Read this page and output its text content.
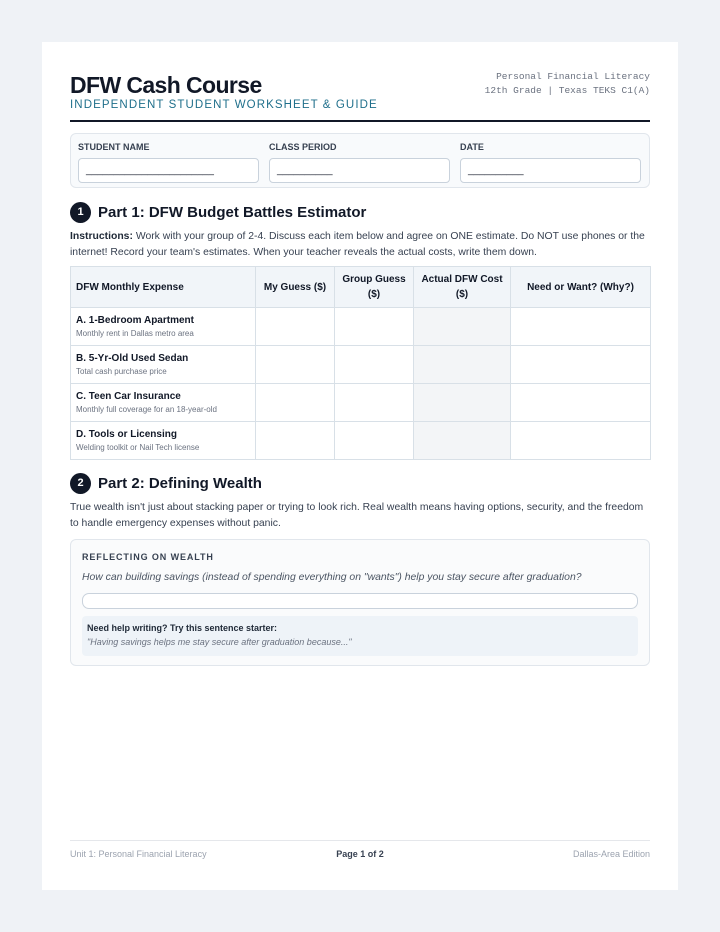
DFW Cash Course	Personal Financial Literacy
12th Grade | Texas TEKS C1(A)
INDEPENDENT STUDENT WORKSHEET & GUIDE
STUDENT NAME
_______________________
CLASS PERIOD
__________
DATE
__________
1 Part 1: DFW Budget Battles Estimator
Instructions: Work with your group of 2-4. Discuss each item below and agree on ONE estimate. Do NOT use phones or the internet! Record your team's estimates. When your teacher reveals the actual costs, write them down.
DFW Monthly Expense	My Guess ($)	Group Guess ($)	Actual DFW Cost ($)	Need or Want? (Why?)

A. 1-Bedroom Apartment
Monthly rent in Dallas metro area				

B. 5-Yr-Old Used Sedan
Total cash purchase price				

C. Teen Car Insurance
Monthly full coverage for an 18-year-old				

D. Tools or Licensing
Welding toolkit or Nail Tech license				

2 Part 2: Defining Wealth
True wealth isn't just about stacking paper or trying to look rich. Real wealth means having options, security, and the freedom to handle emergency expenses without panic.
REFLECTING ON WEALTH
How can building savings (instead of spending everything on "wants") help you stay secure after graduation?
Need help writing? Try this sentence starter:
"Having savings helps me stay secure after graduation because..."
Unit 1: Personal Financial Literacy	Page 1 of 2	Dallas-Area Edition
